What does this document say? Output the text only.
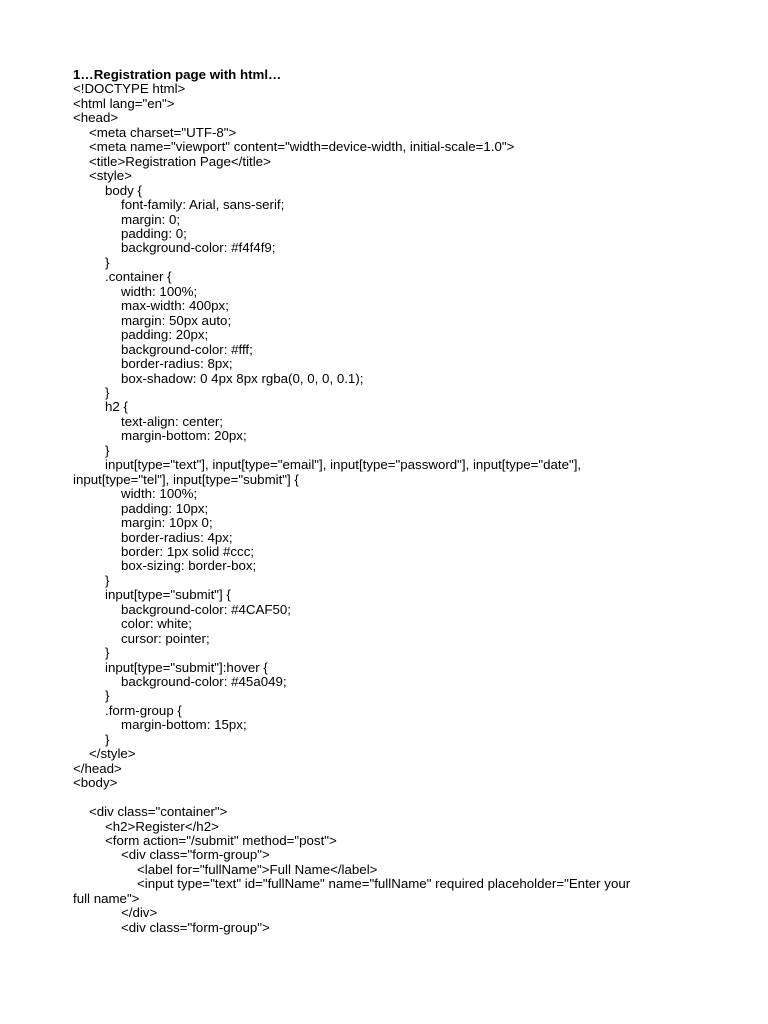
1…Registration page with html…

<!DOCTYPE html>
<html lang="en">
<head>
<meta charset="UTF-8">
<meta name="viewport" content="width=device-width, initial-scale=1.0">
<title>Registration Page</title>
<style>
body {
font-family: Arial, sans-serif;
margin: 0;
padding: 0;
background-color: #f4f4f9;
}
.container {
width: 100%;
max-width: 400px;
margin: 50px auto;
padding: 20px;
background-color: #fff;
border-radius: 8px;
box-shadow: 0 4px 8px rgba(0, 0, 0, 0.1);
}
h2 {
text-align: center;
margin-bottom: 20px;
}
input[type="text"], input[type="email"], input[type="password"], input[type="date"],
input[type="tel"], input[type="submit"] {
width: 100%;
padding: 10px;
margin: 10px 0;
border-radius: 4px;
border: 1px solid #ccc;
box-sizing: border-box;
}
input[type="submit"] {
background-color: #4CAF50;
color: white;
cursor: pointer;
}
input[type="submit"]:hover {
background-color: #45a049;
}
.form-group {
margin-bottom: 15px;
}
</style>
</head>
<body>
<div class="container">
<h2>Register</h2>
<form action="/submit" method="post">
<div class="form-group">
<label for="fullName">Full Name</label>
<input type="text" id="fullName" name="fullName" required placeholder="Enter your
full name">
</div>
<div class="form-group">
